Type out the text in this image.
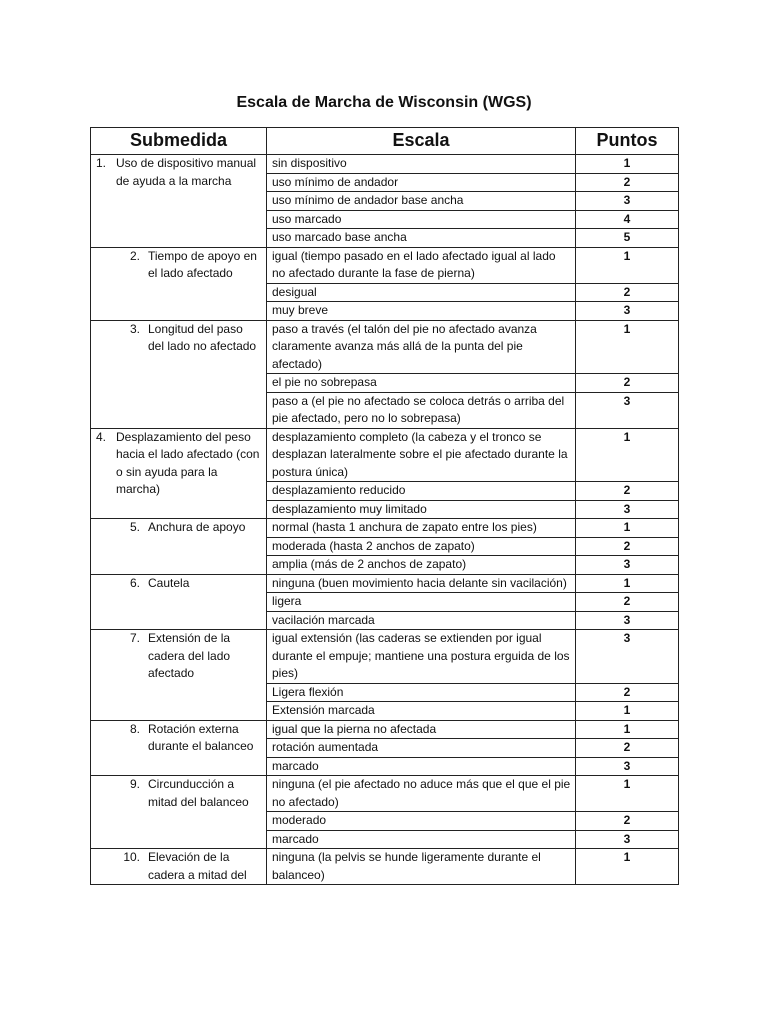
Escala de Marcha de Wisconsin (WGS)
Submedida	Escala	Puntos

1. Uso de dispositivo manual de ayuda a la marcha	sin dispositivo	1
	uso mínimo de andador	2
	uso mínimo de andador base ancha	3
	uso marcado	4
	uso marcado base ancha	5

2. Tiempo de apoyo en el lado afectado	igual (tiempo pasado en el lado afectado igual al lado no afectado durante la fase de pierna)	1
	desigual	2
	muy breve	3

3. Longitud del paso del lado no afectado	paso a través (el talón del pie no afectado avanza claramente avanza más allá de la punta del pie afectado)	1
	el pie no sobrepasa	2
	paso a (el pie no afectado se coloca detrás o arriba del pie afectado, pero no lo sobrepasa)	3

4. Desplazamiento del peso hacia el lado afectado (con o sin ayuda para la marcha)	desplazamiento completo (la cabeza y el tronco se desplazan lateralmente sobre el pie afectado durante la postura única)	1
	desplazamiento reducido	2
	desplazamiento muy limitado	3

5. Anchura de apoyo	normal (hasta 1 anchura de zapato entre los pies)	1
	moderada (hasta 2 anchos de zapato)	2
	amplia (más de 2 anchos de zapato)	3

6. Cautela	ninguna (buen movimiento hacia delante sin vacilación)	1
	ligera	2
	vacilación marcada	3

7. Extensión de la cadera del lado afectado	igual extensión (las caderas se extienden por igual durante el empuje; mantiene una postura erguida de los pies)	3
	Ligera flexión	2
	Extensión marcada	1

8. Rotación externa durante el balanceo	igual que la pierna no afectada	1
	rotación aumentada	2
	marcado	3

9. Circunducción a mitad del balanceo	ninguna (el pie afectado no aduce más que el que el pie no afectado)	1
	moderado	2
	marcado	3

10. Elevación de la cadera a mitad del	ninguna (la pelvis se hunde ligeramente durante el balanceo)	1
